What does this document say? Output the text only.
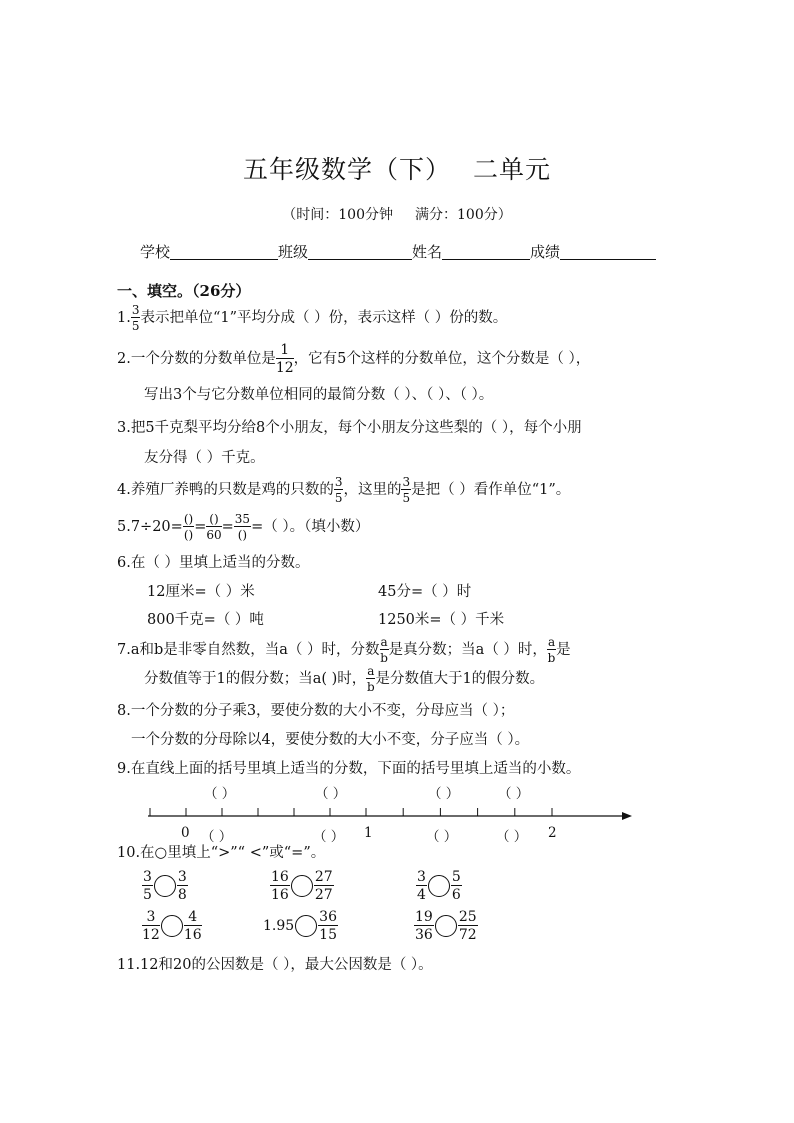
五年级数学（下） 二单元
（时间：100分钟 满分：100分）
学校	班级	姓名	成绩
一、填空。（26分）
1. $\frac{3}{5}$ 表示把单位“1”平均分成（ ）份，表示这样（ ）份的数。
2.一个分数的分数单位是 $\frac{1}{12}$ ，它有5个这样的分数单位，这个分数是（ ），
写出3个与它分数单位相同的最简分数（ ）、（ ）、（ ）。
3.把5千克梨平均分给8个小朋友，每个小朋友分这些梨的（ ），每个小朋
友分得（ ）千克。
4.养殖厂养鸭的只数是鸡的只数的 $\frac{3}{5}$ ，这里的 $\frac{3}{5}$ 是把（ ）看作单位“1”。
$5.7\div 20= \frac{()}{()} = \frac{()}{60} = \frac{35}{()}$ =（ ）。（填小数）
6.在（ ）里填上适当的分数。
12厘米=（ ）米	45分=（ ）时
800千克=（ ）吨	1250米=（ ）千米
7.a和b是非零自然数，当a（ ）时，分数 $\frac{a}{b}$ 是真分数；当a（ ）时， $\frac{a}{b}$ 是
分数值等于1的假分数；当a( )时， $\frac{a}{b}$ 是分数值大于1的假分数。
8.一个分数的分子乘3，要使分数的大小不变，分母应当（ ）；
一个分数的分母除以4，要使分数的大小不变，分子应当（ ）。
9.在直线上面的括号里填上适当的分数，下面的括号里填上适当的小数。
（ ）	（ ）	（ ）	（ ）
0 （ ）	（ ） 1	（ ）	（ ） 2
10.在○里填上“>”“ <”或“=”。
$\frac{3}{5} \frac{3}{8}$	$\frac{16}{16} \frac{27}{27}$	$\frac{3}{4} \frac{5}{6}$
$\frac{3}{12} \frac{4}{16}$	$1.95 \frac{36}{15}$	$\frac{19}{36} \frac{25}{72}$
11.12和20的公因数是（ ），最大公因数是（ ）。
